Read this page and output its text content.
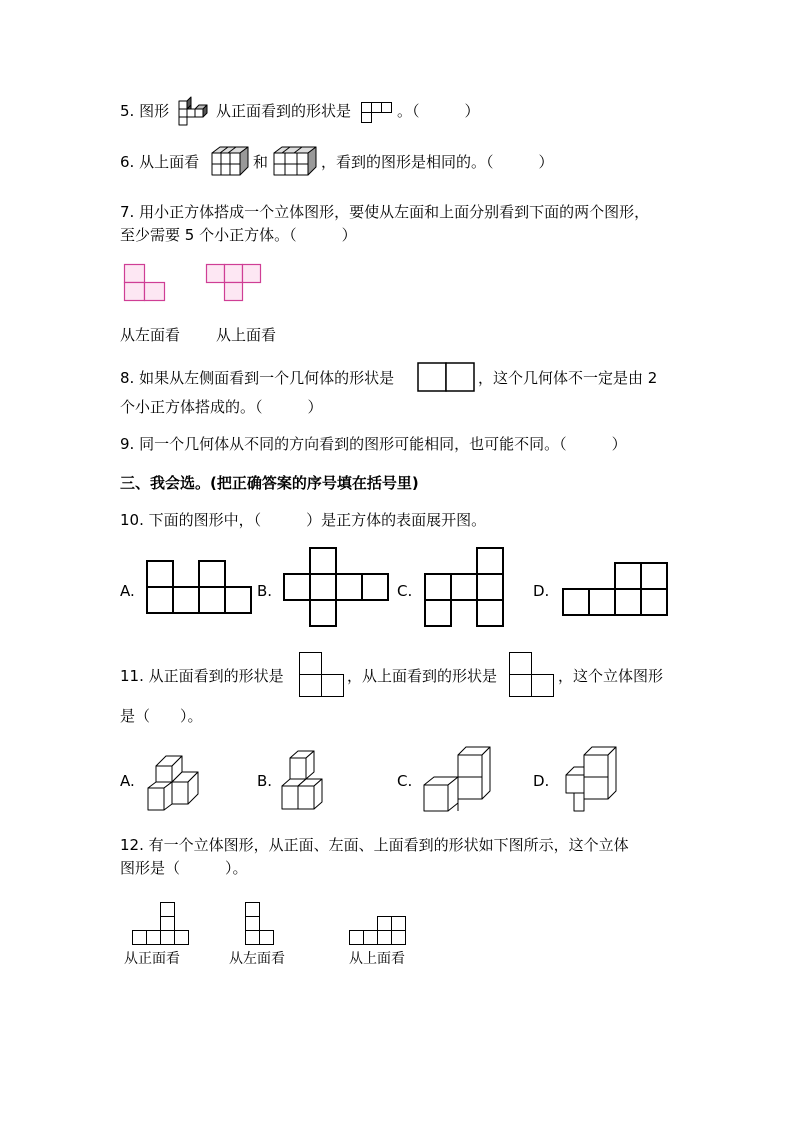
5. 图形	从正面看到的形状是	。（　　　）
6. 从上面看	和	，看到的图形是相同的。（　　　）
7. 用小正方体搭成一个立体图形，要使从左面和上面分别看到下面的两个图形，
至少需要 5 个小正方体。（　　　）
从左面看 从上面看
8. 如果从左侧面看到一个几何体的形状是	，这个几何体不一定是由 2
个小正方体搭成的。（　　　）
9. 同一个几何体从不同的方向看到的图形可能相同，也可能不同。（　　　）
三、我会选。(把正确答案的序号填在括号里)
10. 下面的图形中，（　　　）是正方体的表面展开图。
A.	B.	C.	D.
11. 从正面看到的形状是	，从上面看到的形状是	，这个立体图形
是（　　）。
A.	B.	C.	D.
12. 有一个立体图形，从正面、左面、上面看到的形状如下图所示，这个立体
图形是（　　　）。
从正面看	从左面看	从上面看
